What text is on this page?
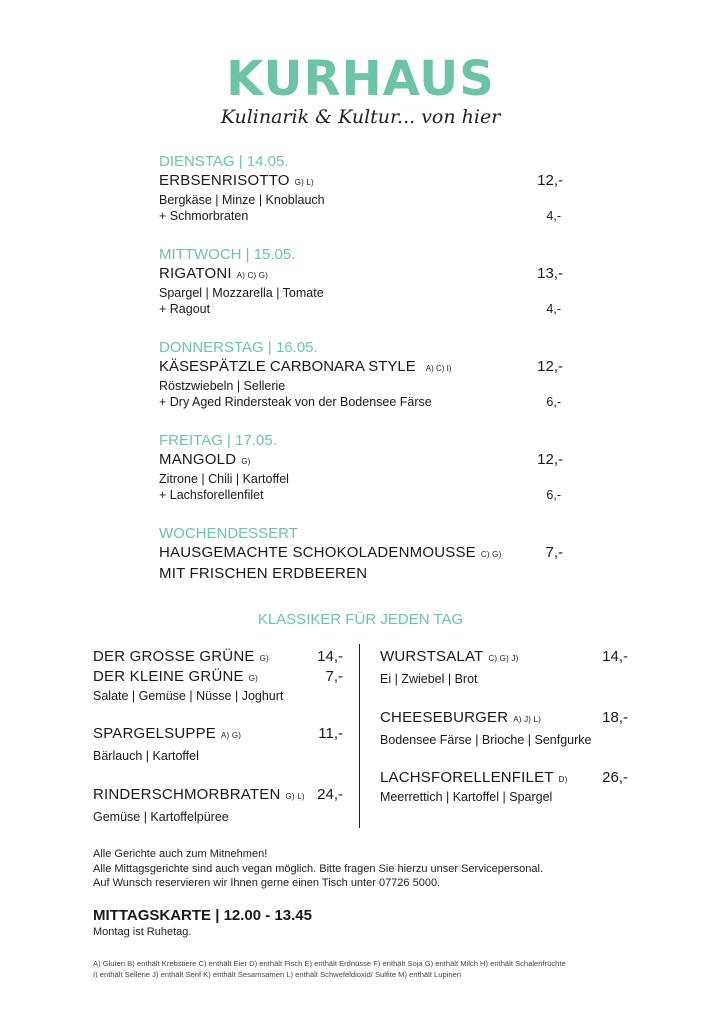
KURHAUS
Kulinarik & Kultur... von hier
DIENSTAG | 14.05.
ERBSENRISOTTO G) L)	12,-
Bergkäse | Minze | Knoblauch
+ Schmorbraten	4,-
MITTWOCH | 15.05.
RIGATONI A) C) G)	13,-
Spargel | Mozzarella | Tomate
+ Ragout	4,-
DONNERSTAG | 16.05.
KÄSESPÄTZLE CARBONARA STYLE A) C) I)	12,-
Röstzwiebeln | Sellerie
+ Dry Aged Rindersteak von der Bodensee Färse	6,-
FREITAG | 17.05.
MANGOLD G)	12,-
Zitrone | Chili | Kartoffel
+ Lachsforellenfilet	6,-
WOCHENDESSERT
HAUSGEMACHTE SCHOKOLADENMOUSSE C) G)	7,-
MIT FRISCHEN ERDBEEREN
KLASSIKER FÜR JEDEN TAG
DER GROSSE GRÜNE G)	14,-
DER KLEINE GRÜNE G)	7,-
Salate | Gemüse | Nüsse | Joghurt
SPARGELSUPPE A) G)	11,-
Bärlauch | Kartoffel
RINDERSCHMORBRATEN G) L) 24,-
Gemüse | Kartoffelpüree
WURSTSALAT C) G) J)	14,-
Ei | Zwiebel | Brot
CHEESEBURGER A) J) L)	18,-
Bodensee Färse | Brioche | Senfgurke
LACHSFORELLENFILET D) 26,-
Meerrettich | Kartoffel | Spargel
Alle Gerichte auch zum Mitnehmen!
Alle Mittagsgerichte sind auch vegan möglich. Bitte fragen Sie hierzu unser Servicepersonal.
Auf Wunsch reservieren wir Ihnen gerne einen Tisch unter 07726 5000.
MITTAGSKARTE | 12.00 - 13.45
Montag ist Ruhetag.
A) Gluten B) enthält Krebstiere C) enthält Eier D) enthält Fisch E) enthält Erdnüsse F) enthält Soja G) enthält Milch H) enthält Schalenfrüchte
I) enthält Sellerie J) enthält Senf K) enthält Sesamsamen L) enthält Schwefeldioxid/ Sulfite M) enthält Lupinen
